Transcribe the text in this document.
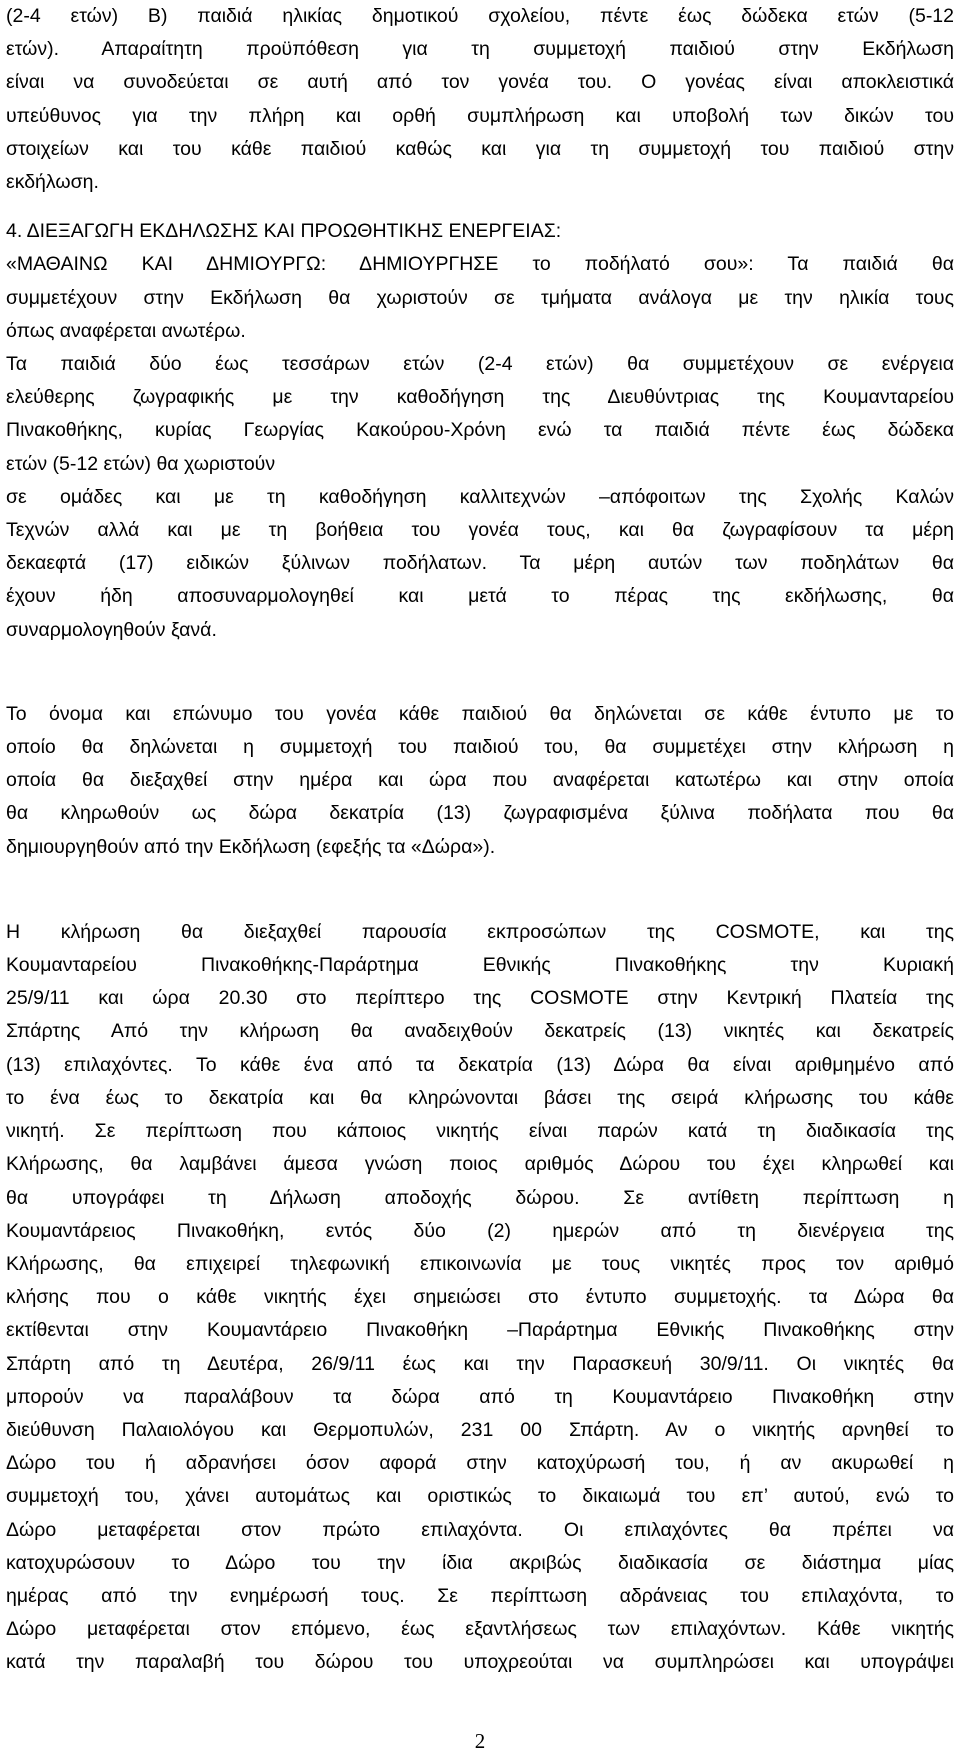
(2-4 ετών) Β) παιδιά ηλικίας δημοτικού σχολείου, πέντε έως δώδεκα ετών (5-12
ετών). Απαραίτητη προϋπόθεση για τη συμμετοχή παιδιού στην Εκδήλωση
είναι να συνοδεύεται σε αυτή από τον γονέα του. Ο γονέας είναι αποκλειστικά
υπεύθυνος για την πλήρη και ορθή συμπλήρωση και υποβολή των δικών του
στοιχείων και του κάθε παιδιού καθώς και για τη συμμετοχή του παιδιού στην
εκδήλωση.
4. ΔΙΕΞΑΓΩΓΗ ΕΚΔΗΛΩΣΗΣ ΚΑΙ ΠΡΟΩΘΗΤΙΚΗΣ ΕΝΕΡΓΕΙΑΣ:
«ΜΑΘΑΙΝΩ ΚΑΙ ΔΗΜΙΟΥΡΓΩ: ΔΗΜΙΟΥΡΓΗΣΕ το ποδήλατό σου»: Τα παιδιά θα
συμμετέχουν στην Εκδήλωση θα χωριστούν σε τμήματα ανάλογα με την ηλικία τους
όπως αναφέρεται ανωτέρω.
Τα παιδιά δύο έως τεσσάρων ετών (2-4 ετών) θα συμμετέχουν σε ενέργεια
ελεύθερης ζωγραφικής με την καθοδήγηση της Διευθύντριας της Κουμανταρείου
Πινακοθήκης, κυρίας Γεωργίας Κακούρου-Χρόνη ενώ τα παιδιά πέντε έως δώδεκα
ετών (5-12 ετών) θα χωριστούν
σε ομάδες και με τη καθοδήγηση καλλιτεχνών –απόφοιτων της Σχολής Καλών
Τεχνών αλλά και με τη βοήθεια του γονέα τους, και θα ζωγραφίσουν τα μέρη
δεκαεφτά (17) ειδικών ξύλινων ποδήλατων. Τα μέρη αυτών των ποδηλάτων θα
έχουν ήδη αποσυναρμολογηθεί και μετά το πέρας της εκδήλωσης, θα
συναρμολογηθούν ξανά.
Το όνομα και επώνυμο του γονέα κάθε παιδιού θα δηλώνεται σε κάθε έντυπο με το
οποίο θα δηλώνεται η συμμετοχή του παιδιού του, θα συμμετέχει στην κλήρωση η
οποία θα διεξαχθεί στην ημέρα και ώρα που αναφέρεται κατωτέρω και στην οποία
θα κληρωθούν ως δώρα δεκατρία (13) ζωγραφισμένα ξύλινα ποδήλατα που θα
δημιουργηθούν από την Εκδήλωση (εφεξής τα «Δώρα»).
Η κλήρωση θα διεξαχθεί παρουσία εκπροσώπων της COSMOTE, και της
Κουμανταρείου Πινακοθήκης-Παράρτημα Εθνικής Πινακοθήκης την Κυριακή
25/9/11 και ώρα 20.30 στο περίπτερο της COSMOTE στην Κεντρική Πλατεία της
Σπάρτης Από την κλήρωση θα αναδειχθούν δεκατρείς (13) νικητές και δεκατρείς
(13) επιλαχόντες. Το κάθε ένα από τα δεκατρία (13) Δώρα θα είναι αριθμημένο από
το ένα έως το δεκατρία και θα κληρώνονται βάσει της σειρά κλήρωσης του κάθε
νικητή. Σε περίπτωση που κάποιος νικητής είναι παρών κατά τη διαδικασία της
Κλήρωσης, θα λαμβάνει άμεσα γνώση ποιος αριθμός Δώρου του έχει κληρωθεί και
θα υπογράφει τη Δήλωση αποδοχής δώρου. Σε αντίθετη περίπτωση η
Κουμαντάρειος Πινακοθήκη, εντός δύο (2) ημερών από τη διενέργεια της
Κλήρωσης, θα επιχειρεί τηλεφωνική επικοινωνία με τους νικητές προς τον αριθμό
κλήσης που ο κάθε νικητής έχει σημειώσει στο έντυπο συμμετοχής. τα Δώρα θα
εκτίθενται στην Κουμαντάρειο Πινακοθήκη –Παράρτημα Εθνικής Πινακοθήκης στην
Σπάρτη από τη Δευτέρα, 26/9/11 έως και την Παρασκευή 30/9/11. Οι νικητές θα
μπορούν να παραλάβουν τα δώρα από τη Κουμαντάρειο Πινακοθήκη στην
διεύθυνση Παλαιολόγου και Θερμοπυλών, 231 00 Σπάρτη. Αν ο νικητής αρνηθεί το
Δώρο του ή αδρανήσει όσον αφορά στην κατοχύρωσή του, ή αν ακυρωθεί η
συμμετοχή του, χάνει αυτομάτως και οριστικώς το δικαιωμά του επ’ αυτού, ενώ το
Δώρο μεταφέρεται στον πρώτο επιλαχόντα. Οι επιλαχόντες θα πρέπει να
κατοχυρώσουν το Δώρο του την ίδια ακριβώς διαδικασία σε διάστημα μίας
ημέρας από την ενημέρωσή τους. Σε περίπτωση αδράνειας του επιλαχόντα, το
Δώρο μεταφέρεται στον επόμενο, έως εξαντλήσεως των επιλαχόντων. Κάθε νικητής
κατά την παραλαβή του δώρου του υποχρεούται να συμπληρώσει και υπογράψει
2
